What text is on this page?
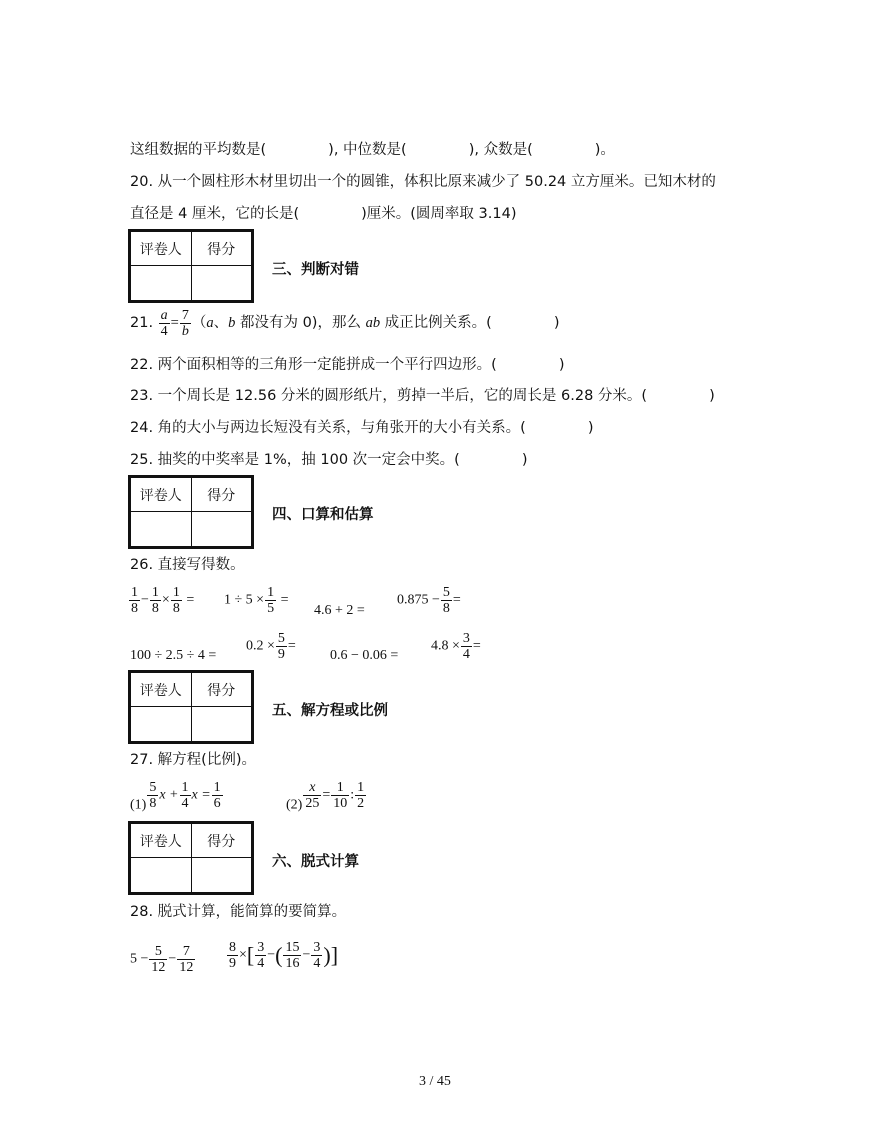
这组数据的平均数是(	), 中位数是(	), 众数是(	)。
20. 从一个圆柱形木材里切出一个的圆锥，体积比原来减少了 50.24 立方厘米。已知木材的
直径是 4 厘米，它的长是(	)厘米。(圆周率取 3.14)
评卷人	得分

三、判断对错
21. $\frac{a}{4} = \frac{7}{b} (a$、b 都没有为 0)，那么 ab 成正比例关系。(	)
22. 两个面积相等的三角形一定能拼成一个平行四边形。(	)
23. 一个周长是 12.56 分米的圆形纸片，剪掉一半后，它的周长是 6.28 分米。(	)
24. 角的大小与两边长短没有关系，与角张开的大小有关系。(	)
25. 抽奖的中奖率是 1%，抽 100 次一定会中奖。(	)
评卷人	得分

四、口算和估算
26. 直接写得数。
$\frac{1}{8} - \frac{1}{8} \times \frac{1}{8} = 1 \div 5 \times \frac{1}{5}$ =
4.6 + 2 =
$0.875 - \frac{5}{8}$ =
100 ÷ 2.5 ÷ 4 =
$0.2 \times \frac{5}{9}$ =
0.6 − 0.06 =
$4.8 \times \frac{3}{4}$ =
评卷人	得分

五、解方程或比例
27. 解方程(比例)。
$(1) \frac{5}{8}$ $x + \frac{1}{4}$ $x = \frac{1}{6}$	$(2) \frac{x}{25} = \frac{1}{10}$ : $\frac{1}{2}$
评卷人	得分

六、脱式计算
28. 脱式计算，能简算的要简算。
$5 - \frac{5}{12} - \frac{7}{12} \frac{8}{9}$ ×[ $\frac{3}{4}$ −( $\frac{15}{16} - \frac{3}{4}$ )]
3 / 45
